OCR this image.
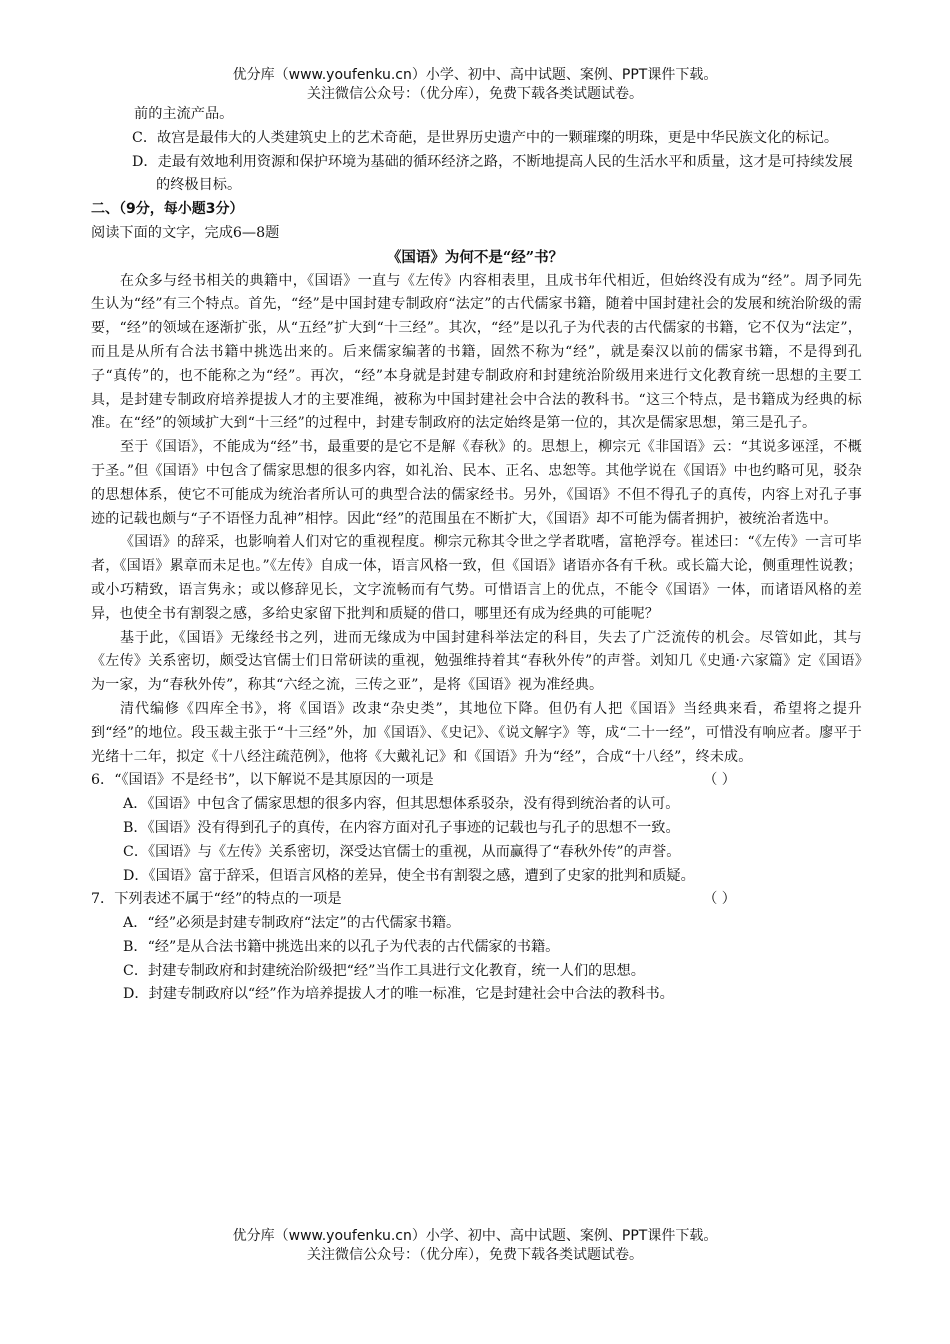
优分库（www.youfenku.cn）小学、初中、高中试题、案例、PPT课件下载。
关注微信公众号：（优分库），免费下载各类试题试卷。
前的主流产品。
C．故宫是最伟大的人类建筑史上的艺术奇葩，是世界历史遗产中的一颗璀璨的明珠，更是中华民族文化的标记。
D．走最有效地利用资源和保护环境为基础的循环经济之路，不断地提高人民的生活水平和质量，这才是可持续发展的终极目标。
二、（9分，每小题3分）
阅读下面的文字，完成6—8题
《国语》为何不是“经”书？
在众多与经书相关的典籍中，《国语》一直与《左传》内容相表里，且成书年代相近，但始终没有成为“经”。周予同先生认为“经”有三个特点。首先，“经”是中国封建专制政府“法定”的古代儒家书籍，随着中国封建社会的发展和统治阶级的需要，“经”的领域在逐渐扩张，从“五经”扩大到“十三经”。其次，“经”是以孔子为代表的古代儒家的书籍，它不仅为“法定”，而且是从所有合法书籍中挑选出来的。后来儒家编著的书籍，固然不称为“经”，就是秦汉以前的儒家书籍，不是得到孔子“真传”的，也不能称之为“经”。再次，“经”本身就是封建专制政府和封建统治阶级用来进行文化教育统一思想的主要工具，是封建专制政府培养提拔人才的主要准绳，被称为中国封建社会中合法的教科书。“这三个特点，是书籍成为经典的标准。在“经”的领域扩大到“十三经”的过程中，封建专制政府的法定始终是第一位的，其次是儒家思想，第三是孔子。
至于《国语》，不能成为“经”书，最重要的是它不是解《春秋》的。思想上，柳宗元《非国语》云：“其说多诬淫，不概于圣。”但《国语》中包含了儒家思想的很多内容，如礼治、民本、正名、忠恕等。其他学说在《国语》中也约略可见，驳杂的思想体系，使它不可能成为统治者所认可的典型合法的儒家经书。另外，《国语》不但不得孔子的真传，内容上对孔子事迹的记载也颇与“子不语怪力乱神”相悖。因此“经”的范围虽在不断扩大，《国语》却不可能为儒者拥护，被统治者选中。
《国语》的辞采，也影响着人们对它的重视程度。柳宗元称其令世之学者耽嗜，富艳浮夸。崔述曰：“《左传》一言可毕者，《国语》累章而未足也。”《左传》自成一体，语言风格一致，但《国语》诸语亦各有千秋。或长篇大论，侧重理性说教；或小巧精致，语言隽永；或以修辞见长，文字流畅而有气势。可惜语言上的优点，不能令《国语》一体，而诸语风格的差异，也使全书有割裂之感，多给史家留下批判和质疑的借口，哪里还有成为经典的可能呢？
基于此，《国语》无缘经书之列，进而无缘成为中国封建科举法定的科目，失去了广泛流传的机会。尽管如此，其与《左传》关系密切，颇受达官儒士们日常研读的重视，勉强维持着其“春秋外传”的声誉。刘知几《史通·六家篇》定《国语》为一家，为“春秋外传”，称其“六经之流，三传之亚”，是将《国语》视为准经典。
清代编修《四库全书》，将《国语》改隶“杂史类”，其地位下降。但仍有人把《国语》当经典来看，希望将之提升到“经”的地位。段玉裁主张于“十三经”外，加《国语》、《史记》、《说文解字》等，成“二十一经”，可惜没有响应者。廖平于光绪十二年，拟定《十八经注疏范例》，他将《大戴礼记》和《国语》升为“经”，合成“十八经”，终未成。
6．“《国语》不是经书”，以下解说不是其原因的一项是	（ ）
A．《国语》中包含了儒家思想的很多内容，但其思想体系驳杂，没有得到统治者的认可。
B．《国语》没有得到孔子的真传，在内容方面对孔子事迹的记载也与孔子的思想不一致。
C．《国语》与《左传》关系密切，深受达官儒士的重视，从而赢得了“春秋外传”的声誉。
D．《国语》富于辞采，但语言风格的差异，使全书有割裂之感，遭到了史家的批判和质疑。
7．下列表述不属于“经”的特点的一项是	（ ）
A．“经”必须是封建专制政府“法定”的古代儒家书籍。
B．“经”是从合法书籍中挑选出来的以孔子为代表的古代儒家的书籍。
C．封建专制政府和封建统治阶级把“经”当作工具进行文化教育，统一人们的思想。
D．封建专制政府以“经”作为培养提拔人才的唯一标准，它是封建社会中合法的教科书。
优分库（www.youfenku.cn）小学、初中、高中试题、案例、PPT课件下载。
关注微信公众号：（优分库），免费下载各类试题试卷。
